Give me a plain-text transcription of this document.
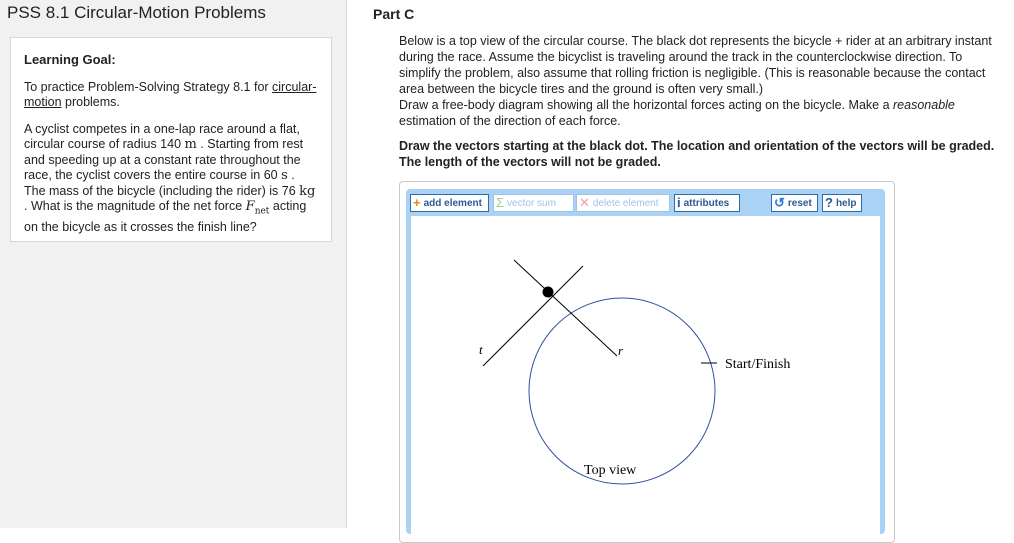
PSS 8.1 Circular-Motion Problems
Learning Goal:

To practice Problem-Solving Strategy 8.1 for circular-motion problems.

A cyclist competes in a one-lap race around a flat, circular course of radius 140 m . Starting from rest and speeding up at a constant rate throughout the race, the cyclist covers the entire course in 60 s . The mass of the bicycle (including the rider) is 76 kg . What is the magnitude of the net force $F_{net}$ acting on the bicycle as it crosses the finish line?

Part C

Below is a top view of the circular course. The black dot represents the bicycle + rider at an arbitrary instant during the race. Assume the bicyclist is traveling around the track in the counterclockwise direction. To simplify the problem, also assume that rolling friction is negligible. (This is reasonable because the contact area between the bicycle tires and the ground is often very small.)

Draw a free-body diagram showing all the horizontal forces acting on the bicycle. Make a reasonable estimation of the direction of each force.

Draw the vectors starting at the black dot. The location and orientation of the vectors will be graded. The length of the vectors will not be graded.
+ add element Σ vector sum ✕ delete element i attributes	↺ reset ? help
t	r
Start/Finish
Top view
